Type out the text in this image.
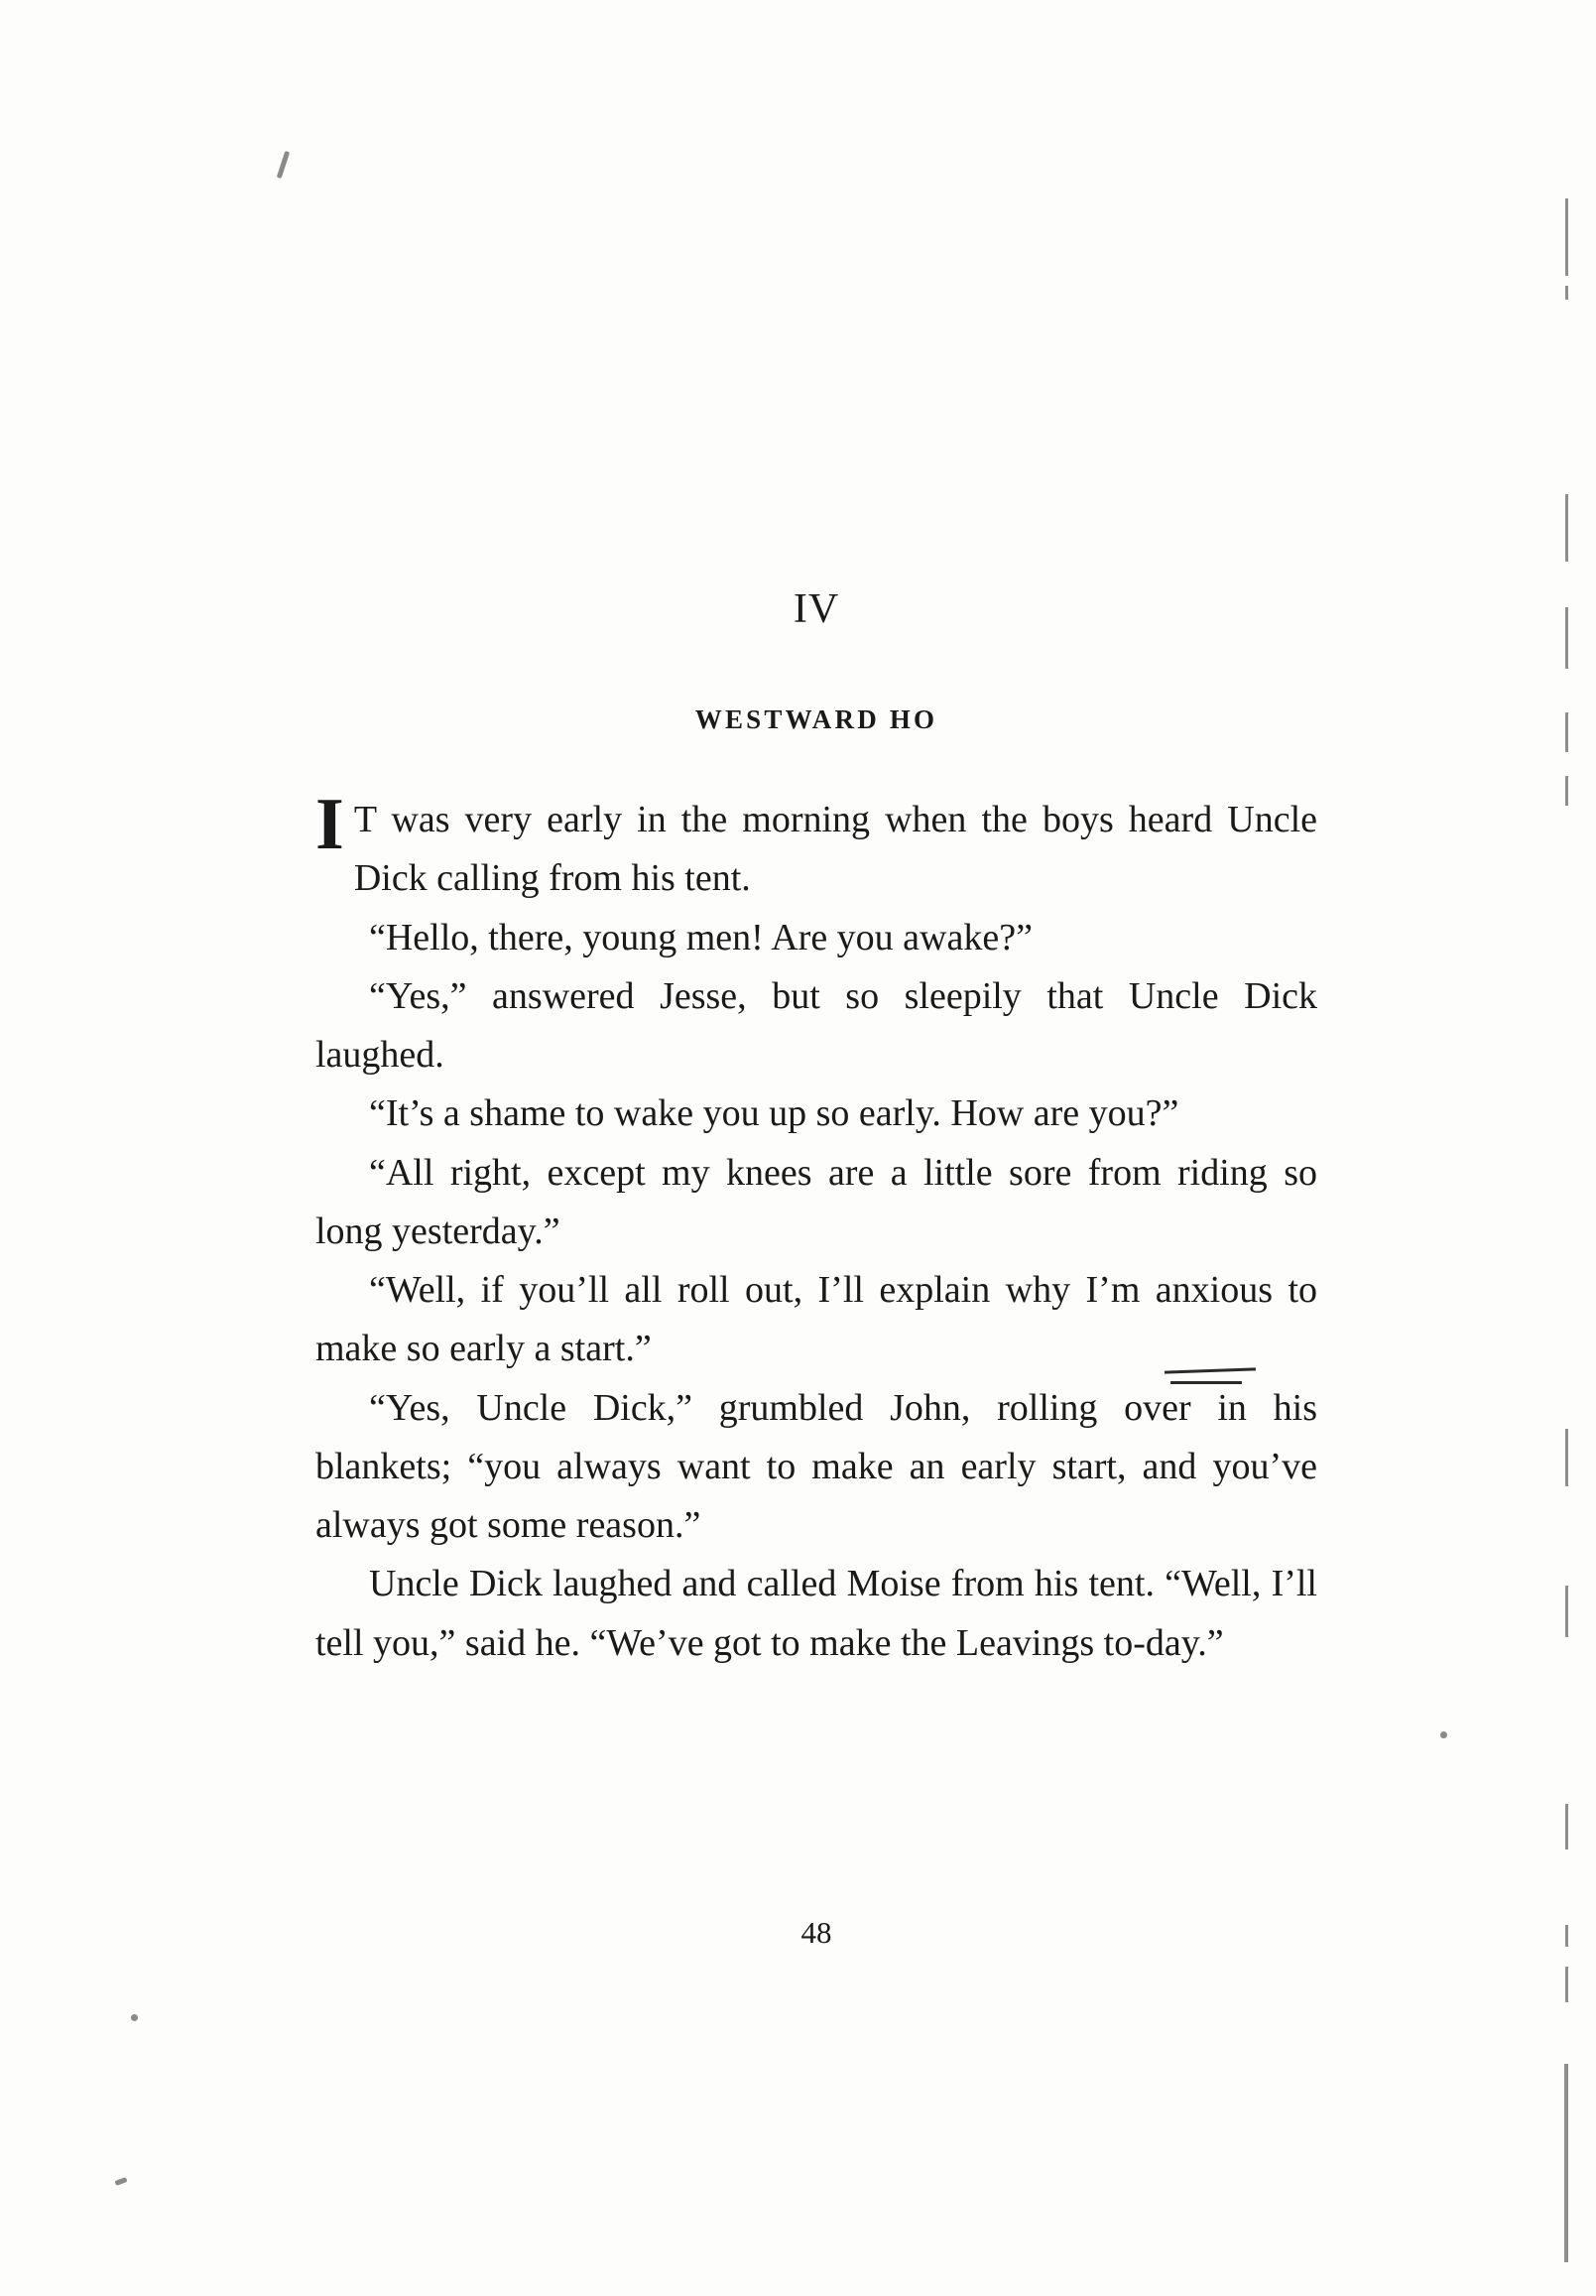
IV
WESTWARD HO

I T was very early in the morning when the boys heard Uncle Dick calling from his tent.

“Hello, there, young men! Are you awake?”

“Yes,” answered Jesse, but so sleepily that Uncle Dick laughed.

“It’s a shame to wake you up so early. How are you?”

“All right, except my knees are a little sore from riding so long yesterday.”

“Well, if you’ll all roll out, I’ll explain why I’m anxious to make so early a start.”

“Yes, Uncle Dick,” grumbled John, rolling over in his blankets; “you always want to make an early start, and you’ve always got some reason.”

Uncle Dick laughed and called Moise from his tent. “Well, I’ll tell you,” said he. “We’ve got to make the Leavings to-day.”

48
